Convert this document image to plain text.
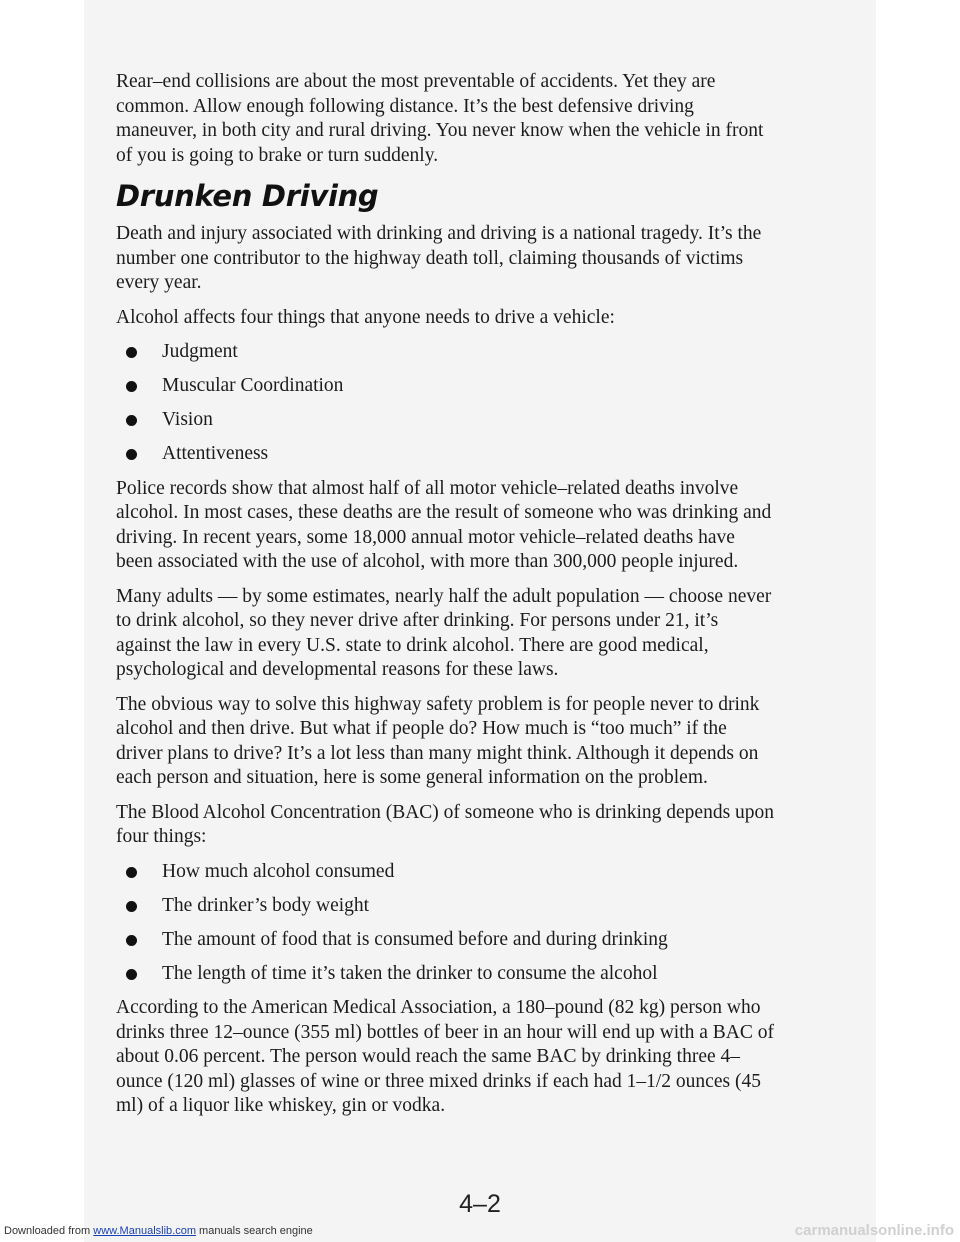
Rear–end collisions are about the most preventable of accidents. Yet they are common. Allow enough following distance. It’s the best defensive driving maneuver, in both city and rural driving. You never know when the vehicle in front of you is going to brake or turn suddenly.

Drunken Driving

Death and injury associated with drinking and driving is a national tragedy. It’s the number one contributor to the highway death toll, claiming thousands of victims every year.

Alcohol affects four things that anyone needs to drive a vehicle:

Judgment
Muscular Coordination
Vision
Attentiveness

Police records show that almost half of all motor vehicle–related deaths involve alcohol. In most cases, these deaths are the result of someone who was drinking and driving. In recent years, some 18,000 annual motor vehicle–related deaths have been associated with the use of alcohol, with more than 300,000 people injured.

Many adults — by some estimates, nearly half the adult population — choose never to drink alcohol, so they never drive after drinking. For persons under 21, it’s against the law in every U.S. state to drink alcohol. There are good medical, psychological and developmental reasons for these laws.

The obvious way to solve this highway safety problem is for people never to drink alcohol and then drive. But what if people do? How much is “too much” if the driver plans to drive? It’s a lot less than many might think. Although it depends on each person and situation, here is some general information on the problem.

The Blood Alcohol Concentration (BAC) of someone who is drinking depends upon four things:

How much alcohol consumed
The drinker’s body weight
The amount of food that is consumed before and during drinking
The length of time it’s taken the drinker to consume the alcohol

According to the American Medical Association, a 180–pound (82 kg) person who drinks three 12–ounce (355 ml) bottles of beer in an hour will end up with a BAC of about 0.06 percent. The person would reach the same BAC by drinking three 4–ounce (120 ml) glasses of wine or three mixed drinks if each had 1–1/2 ounces (45 ml) of a liquor like whiskey, gin or vodka.

4–2
Downloaded from www.Manualslib.com manuals search engine	carmanualsonline.info
